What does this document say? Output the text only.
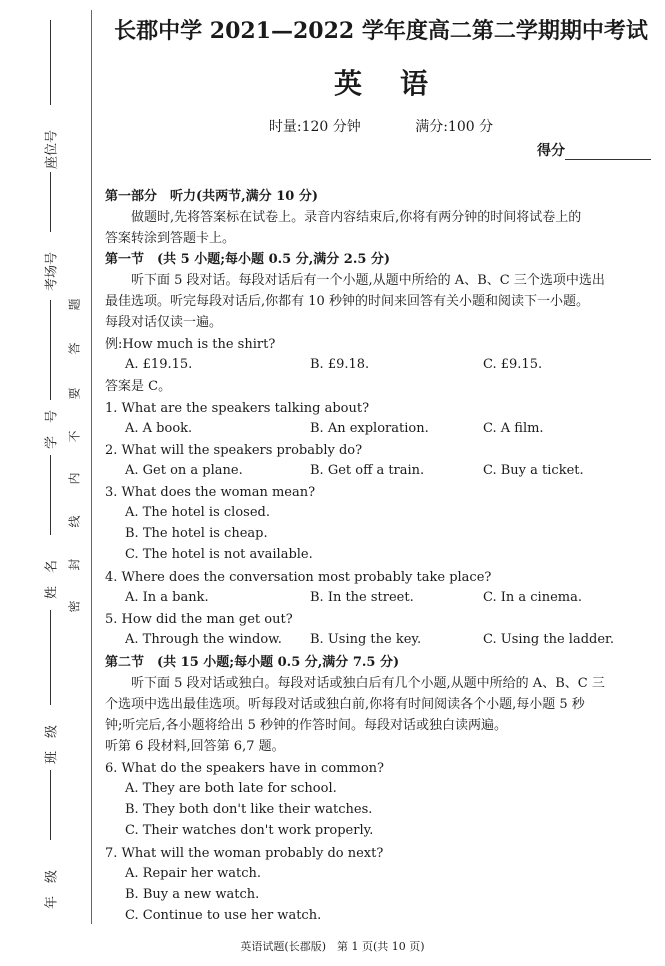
座位号
考场号
学　号
姓　名
班　级
年　级
题
答
要
不
内
线
封
密
长郡中学 2021—2022 学年度高二第二学期期中考试
英语
时量:120 分钟	满分:100 分
得分
第一部分　听力(共两节,满分 10 分)
　　做题时,先将答案标在试卷上。录音内容结束后,你将有两分钟的时间将试卷上的
答案转涂到答题卡上。
第一节　(共 5 小题;每小题 0.5 分,满分 2.5 分)
　　听下面 5 段对话。每段对话后有一个小题,从题中所给的 A、B、C 三个选项中选出
最佳选项。听完每段对话后,你都有 10 秒钟的时间来回答有关小题和阅读下一小题。
每段对话仅读一遍。
例:How much is the shirt?
A. £19.15.	B. £9.18.	C. £9.15.
答案是 C。
1. What are the speakers talking about?
A. A book.	B. An exploration.	C. A film.
2. What will the speakers probably do?
A. Get on a plane.	B. Get off a train.	C. Buy a ticket.
3. What does the woman mean?
A. The hotel is closed.
B. The hotel is cheap.
C. The hotel is not available.
4. Where does the conversation most probably take place?
A. In a bank.	B. In the street.	C. In a cinema.
5. How did the man get out?
A. Through the window. B. Using the key.	C. Using the ladder.
第二节　(共 15 小题;每小题 0.5 分,满分 7.5 分)
　　听下面 5 段对话或独白。每段对话或独白后有几个小题,从题中所给的 A、B、C 三
个选项中选出最佳选项。听每段对话或独白前,你将有时间阅读各个小题,每小题 5 秒
钟;听完后,各小题将给出 5 秒钟的作答时间。每段对话或独白读两遍。
听第 6 段材料,回答第 6,7 题。
6. What do the speakers have in common?
A. They are both late for school.
B. They both don't like their watches.
C. Their watches don't work properly.
7. What will the woman probably do next?
A. Repair her watch.
B. Buy a new watch.
C. Continue to use her watch.
英语试题(长郡版)　第 1 页(共 10 页)
